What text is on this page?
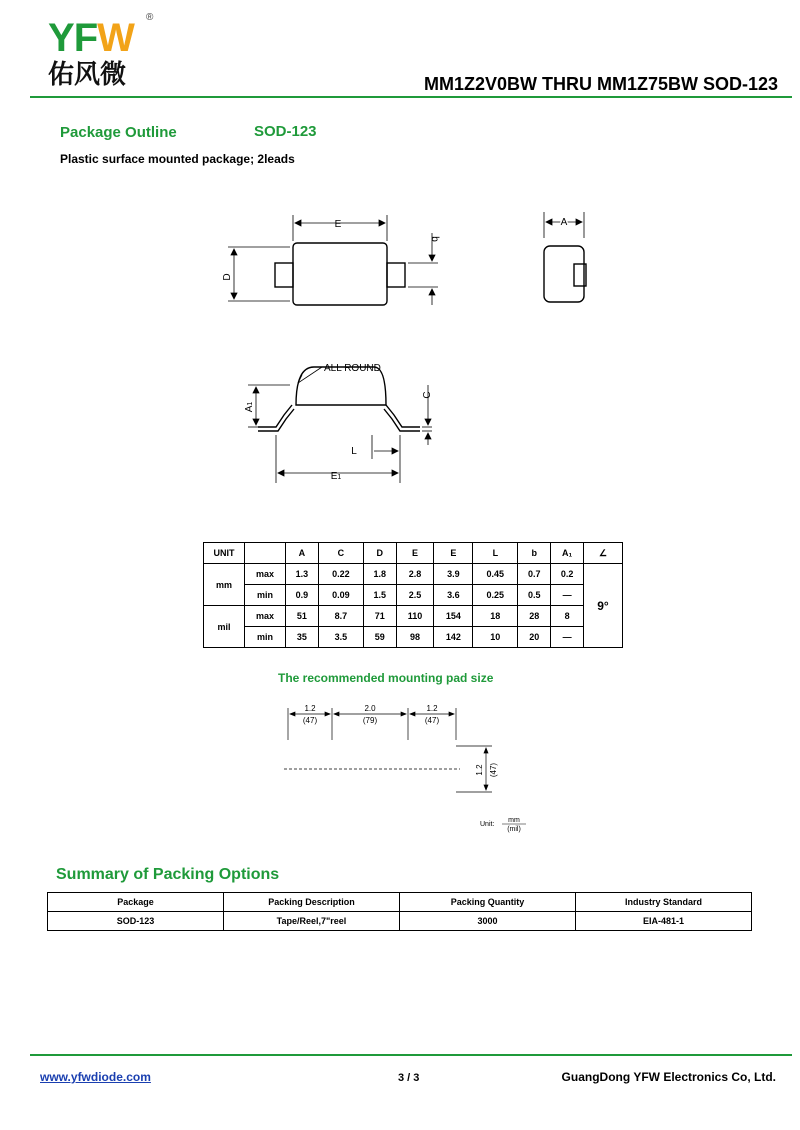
YFW ®
佑风微	MM1Z2V0BW THRU MM1Z75BW SOD-123
Package Outline	SOD-123
Plastic surface mounted package; 2leads
E
D
b
A
ALL ROUND
A1
C
L
E1
UNIT		A	C	D	E	E	L	b	A₁	∠
mm	max	1.3	0.22	1.8	2.8	3.9	0.45	0.7	0.2	9°
	min	0.9	0.09	1.5	2.5	3.6	0.25	0.5	—	
mil	max	51	8.7	71	110	154	18	28	8	
	min	35	3.5	59	98	142	10	20	—	
The recommended mounting pad size
1.2
(47)
2.0
(79)
1.2
(47)
1.2 (47)
Unit:
mm
(mil)
Summary of Packing Options
Package	Packing Description	Packing Quantity	Industry Standard
SOD-123	Tape/Reel,7"reel	3000	EIA-481-1
www.yfwdiode.com	3 / 3	GuangDong YFW Electronics Co, Ltd.
